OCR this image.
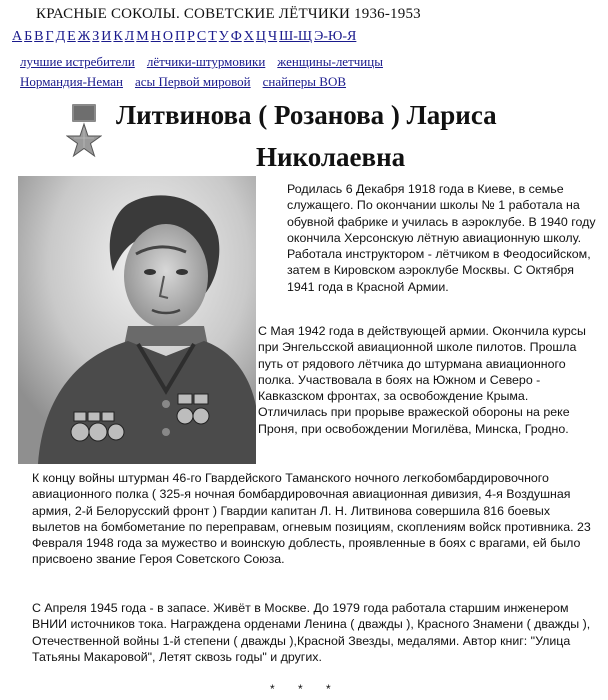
КРАСНЫЕ СОКОЛЫ. СОВЕТСКИЕ ЛЁТЧИКИ 1936-1953
А Б В Г Д Е Ж З И К Л М Н О П Р С Т У Ф Х Ц Ч Ш-Щ Э-Ю-Я
лучшие истребители лётчики-штурмовики женщины-летчицы
Нормандия-Неман асы Первой мировой снайперы ВОВ
Литвинова ( Розанова ) Лариса
Николаевна

Родилась 6 Декабря 1918 года в Киеве, в семье служащего. По окончании школы № 1 работала на обувной фабрике и училась в аэроклубе. В 1940 году окончила Херсонскую лётную авиационную школу. Работала инструктором - лётчиком в Феодосийском, затем в Кировском аэроклубе Москвы. С Октября 1941 года в Красной Армии.

С Мая 1942 года в действующей армии. Окончила курсы при Энгельсской авиационной школе пилотов. Прошла путь от рядового лётчика до штурмана авиационного полка. Участвовала в боях на Южном и Северо - Кавказском фронтах, за освобождение Крыма. Отличилась при прорыве вражеской обороны на реке Проня, при освобождении Могилёва, Минска, Гродно.

К концу войны штурман 46-го Гвардейского Таманского ночного легкобомбардировочного авиационного полка ( 325-я ночная бомбардировочная авиационная дивизия, 4-я Воздушная армия, 2-й Белорусский фронт ) Гвардии капитан Л. Н. Литвинова совершила 816 боевых вылетов на бомбометание по переправам, огневым позициям, скоплениям войск противника. 23 Февраля 1948 года за мужество и воинскую доблесть, проявленные в боях с врагами, ей было присвоено звание Героя Советского Союза.

С Апреля 1945 года - в запасе. Живёт в Москве. До 1979 года работала старшим инженером ВНИИ источников тока. Награждена орденами Ленина ( дважды ), Красного Знамени ( дважды ), Отечественной войны 1-й степени ( дважды ),Красной Звезды, медалями. Автор книг: "Улица Татьяны Макаровой", Летят сквозь годы" и других.

* * *
